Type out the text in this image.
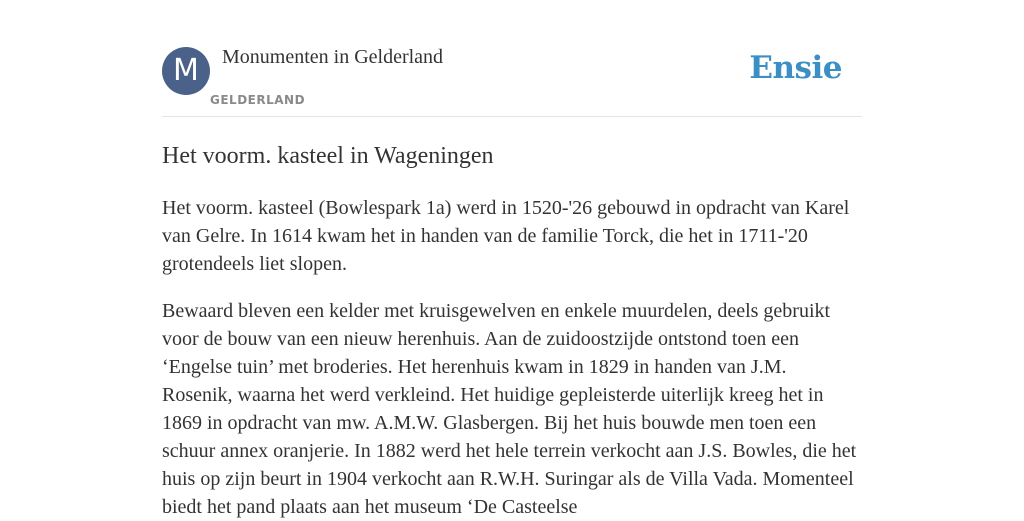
M	Monumenten in Gelderland
GELDERLAND
Ensie
Het voorm. kasteel in Wageningen

Het voorm. kasteel (Bowlespark 1a) werd in 1520-'26 gebouwd in opdracht van Karel van Gelre. In 1614 kwam het in handen van de familie Torck, die het in 1711-'20 grotendeels liet slopen.

Bewaard bleven een kelder met kruisgewelven en enkele muurdelen, deels gebruikt voor de bouw van een nieuw herenhuis. Aan de zuidoostzijde ontstond toen een ‘Engelse tuin’ met broderies. Het herenhuis kwam in 1829 in handen van J.M. Rosenik, waarna het werd verkleind. Het huidige gepleisterde uiterlijk kreeg het in 1869 in opdracht van mw. A.M.W. Glasbergen. Bij het huis bouwde men toen een schuur annex oranjerie. In 1882 werd het hele terrein verkocht aan J.S. Bowles, die het huis op zijn beurt in 1904 verkocht aan R.W.H. Suringar als de Villa Vada. Momenteel biedt het pand plaats aan het museum ‘De Casteelse
